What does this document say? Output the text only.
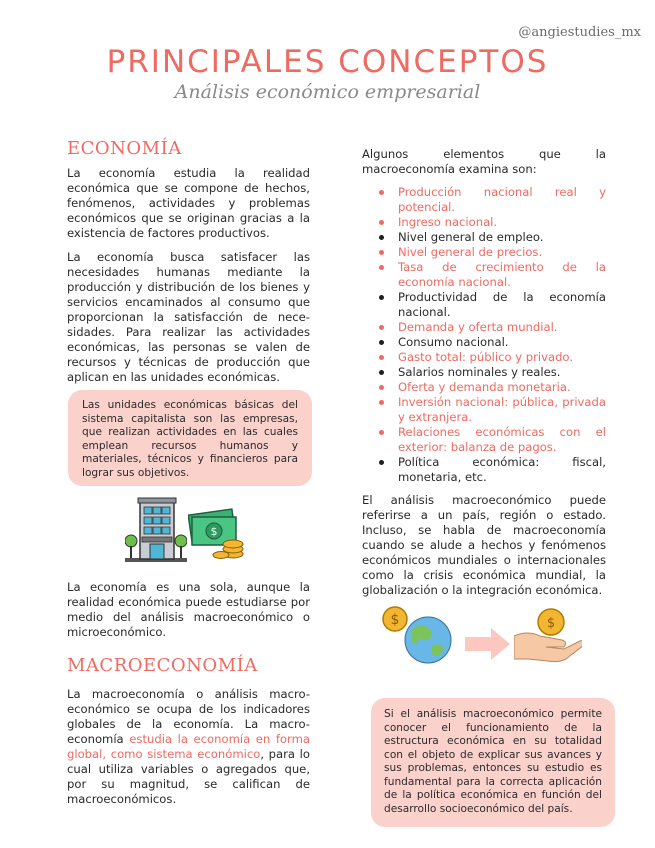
@angiestudies_mx
PRINCIPALES CONCEPTOS
Análisis económico empresarial
ECONOMÍA

La economía estudia la realidad económica que se compone de hechos, fenómenos, actividades y problemas económicos que se originan gracias a la existencia de factores productivos.

La economía busca satisfacer las necesidades humanas mediante la producción y distribución de los bienes y servicios encaminados al consumo que proporcionan la satisfacción de nece-sidades. Para realizar las actividades económicas, las personas se valen de recursos y técnicas de producción que aplican en las unidades económicas.

Las unidades económicas básicas del sistema capitalista son las empresas, que realizan actividades en las cuales emplean recursos humanos y materiales, técnicos y financieros para lograr sus objetivos.
$

La economía es una sola, aunque la realidad económica puede estudiarse por medio del análisis macroeconómico o microeconómico.

MACROECONOMÍA

La macroeconomía o análisis macro-económico se ocupa de los indicadores globales de la economía. La macro-economía estudia la economía en forma global, como sistema económico, para lo cual utiliza variables o agregados que, por su magnitud, se califican de macroeconómicos.

Algunos elementos que la macroeconomía examina son:

Producción nacional real y potencial.
Ingreso nacional.
Nivel general de empleo.
Nivel general de precios.
Tasa de crecimiento de la economía nacional.
Productividad de la economía nacional.
Demanda y oferta mundial.
Consumo nacional.
Gasto total: público y privado.
Salarios nominales y reales.
Oferta y demanda monetaria.
Inversión nacional: pública, privada y extranjera.
Relaciones económicas con el exterior: balanza de pagos.
Política económica: fiscal, monetaria, etc.

El análisis macroeconómico puede referirse a un país, región o estado. Incluso, se habla de macroeconomía cuando se alude a hechos y fenómenos económicos mundiales o internacionales como la crisis económica mundial, la globalización o la integración económica.

$	$
Si el análisis macroeconómico permite conocer el funcionamiento de la estructura económica en su totalidad con el objeto de explicar sus avances y sus problemas, entonces su estudio es fundamental para la correcta aplicación de la política económica en función del desarrollo socioeconómico del país.
